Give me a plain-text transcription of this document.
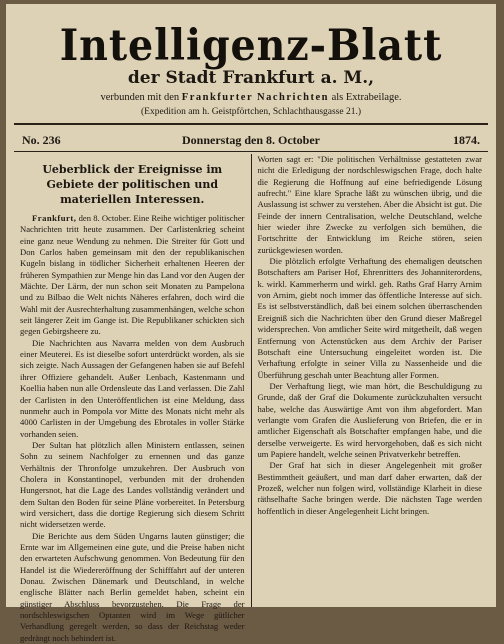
Intelligenz-Blatt
der Stadt Frankfurt a. M.,
verbunden mit den Frankfurter Nachrichten als Extrabeilage.
(Expedition am h. Geistpförtchen, Schlachthausgasse 21.)
No. 236	Donnerstag den 8. October	1874.
Ueberblick der Ereignisse im Gebiete der politischen und materiellen Interessen.

Frankfurt, den 8. October. Eine Reihe wichtiger politischer Nachrichten tritt heute zusammen. Der Carlistenkrieg scheint eine ganz neue Wendung zu nehmen. Die Streiter für Gott und Don Carlos haben gemeinsam mit den der republikanischen Kugeln bislang in tödlicher Sicherheit erhaltenen Heeren der früheren Sympathien zur Menge hin das Land vor den Augen der Mächte. Der Lärm, der nun schon seit Monaten zu Pampelona und zu Bilbao die Welt nichts Näheres erfahren, doch wird die Wahl mit der Ausrechterhaltung zusammenhängen, welche schon seit längerer Zeit im Gange ist. Die Republikaner schickten sich gegen Gebirgsheere zu.

Die Nachrichten aus Navarra melden von dem Ausbruch einer Meuterei. Es ist dieselbe sofort unterdrückt worden, als sie sich zeigte. Nach Aussagen der Gefangenen haben sie auf Befehl ihrer Offiziere gehandelt. Außer Lenbach, Kastenmann und Koellia haben nun alle Ordensleute das Land verlassen. Die Zahl der Carlisten in den Unteröffentlichen ist eine Meldung, dass nunmehr auch in Pompola vor Mitte des Monats nicht mehr als 4000 Carlisten in der Umgebung des Ebrotales in voller Stärke vorhanden seien.

Der Sultan hat plötzlich allen Ministern entlassen, seinen Sohn zu seinem Nachfolger zu ernennen und das ganze Verhältnis der Thronfolge umzukehren. Der Ausbruch von Cholera in Konstantinopel, verbunden mit der drohenden Hungersnot, hat die Lage des Landes vollständig verändert und dem Sultan den Boden für seine Pläne vorbereitet. In Petersburg wird versichert, dass die dortige Regierung sich diesem Schritt nicht widersetzen werde.

Die Berichte aus dem Süden Ungarns lauten günstiger; die Ernte war im Allgemeinen eine gute, und die Preise haben nicht den erwarteten Aufschwung genommen. Von Bedeutung für den Handel ist die Wiedereröffnung der Schifffahrt auf der unteren Donau. Zwischen Dänemark und Deutschland, in welche englische Blätter nach Berlin gemeldet haben, scheint ein günstiger Abschluss bevorzustehen. Die Frage der nordschleswigschen Optanten wird im Wege gütlicher Verhandlung geregelt werden, so dass der Reichstag weder gedrängt noch behindert ist.

Worten sagt er: "Die politischen Verhältnisse gestatteten zwar nicht die Erledigung der nordschleswigschen Frage, doch halte die Regierung die Hoffnung auf eine befriedigende Lösung aufrecht." Eine klare Sprache läßt zu wünschen übrig, und die Auslassung ist schwer zu verstehen. Aber die Absicht ist gut. Die Feinde der innern Centralisation, welche Deutschland, welche hier wieder ihre Zwecke zu verfolgen sich bemühen, die Fortschritte der Entwicklung im Reiche stören, seien zurückgewiesen worden.

Die plötzlich erfolgte Verhaftung des ehemaligen deutschen Botschafters am Pariser Hof, Ehrenritters des Johanniterordens, k. wirkl. Kammerherrn und wirkl. geh. Raths Graf Harry Arnim von Arnim, giebt noch immer das öffentliche Interesse auf sich. Es ist selbstverständlich, daß bei einem solchen überraschenden Ereigniß sich die Nachrichten über den Grund dieser Maßregel widersprechen. Von amtlicher Seite wird mitgetheilt, daß wegen Entfernung von Actenstücken aus dem Archiv der Pariser Botschaft eine Untersuchung eingeleitet worden ist. Die Verhaftung erfolgte in seiner Villa zu Nassenheide und die Überführung geschah unter Beachtung aller Formen.

Der Verhaftung liegt, wie man hört, die Beschuldigung zu Grunde, daß der Graf die Dokumente zurückzuhalten versucht habe, welche das Auswärtige Amt von ihm abgefordert. Man verlangte vom Grafen die Auslieferung von Briefen, die er in amtlicher Eigenschaft als Botschafter empfangen habe, und die derselbe verweigerte. Es wird hervorgehoben, daß es sich nicht um Papiere handelt, welche seinen Privatverkehr betreffen.

Der Graf hat sich in dieser Angelegenheit mit großer Bestimmtheit geäußert, und man darf daher erwarten, daß der Prozeß, welcher nun folgen wird, vollständige Klarheit in diese räthselhafte Sache bringen werde. Die nächsten Tage werden hoffentlich in dieser Angelegenheit Licht bringen.
